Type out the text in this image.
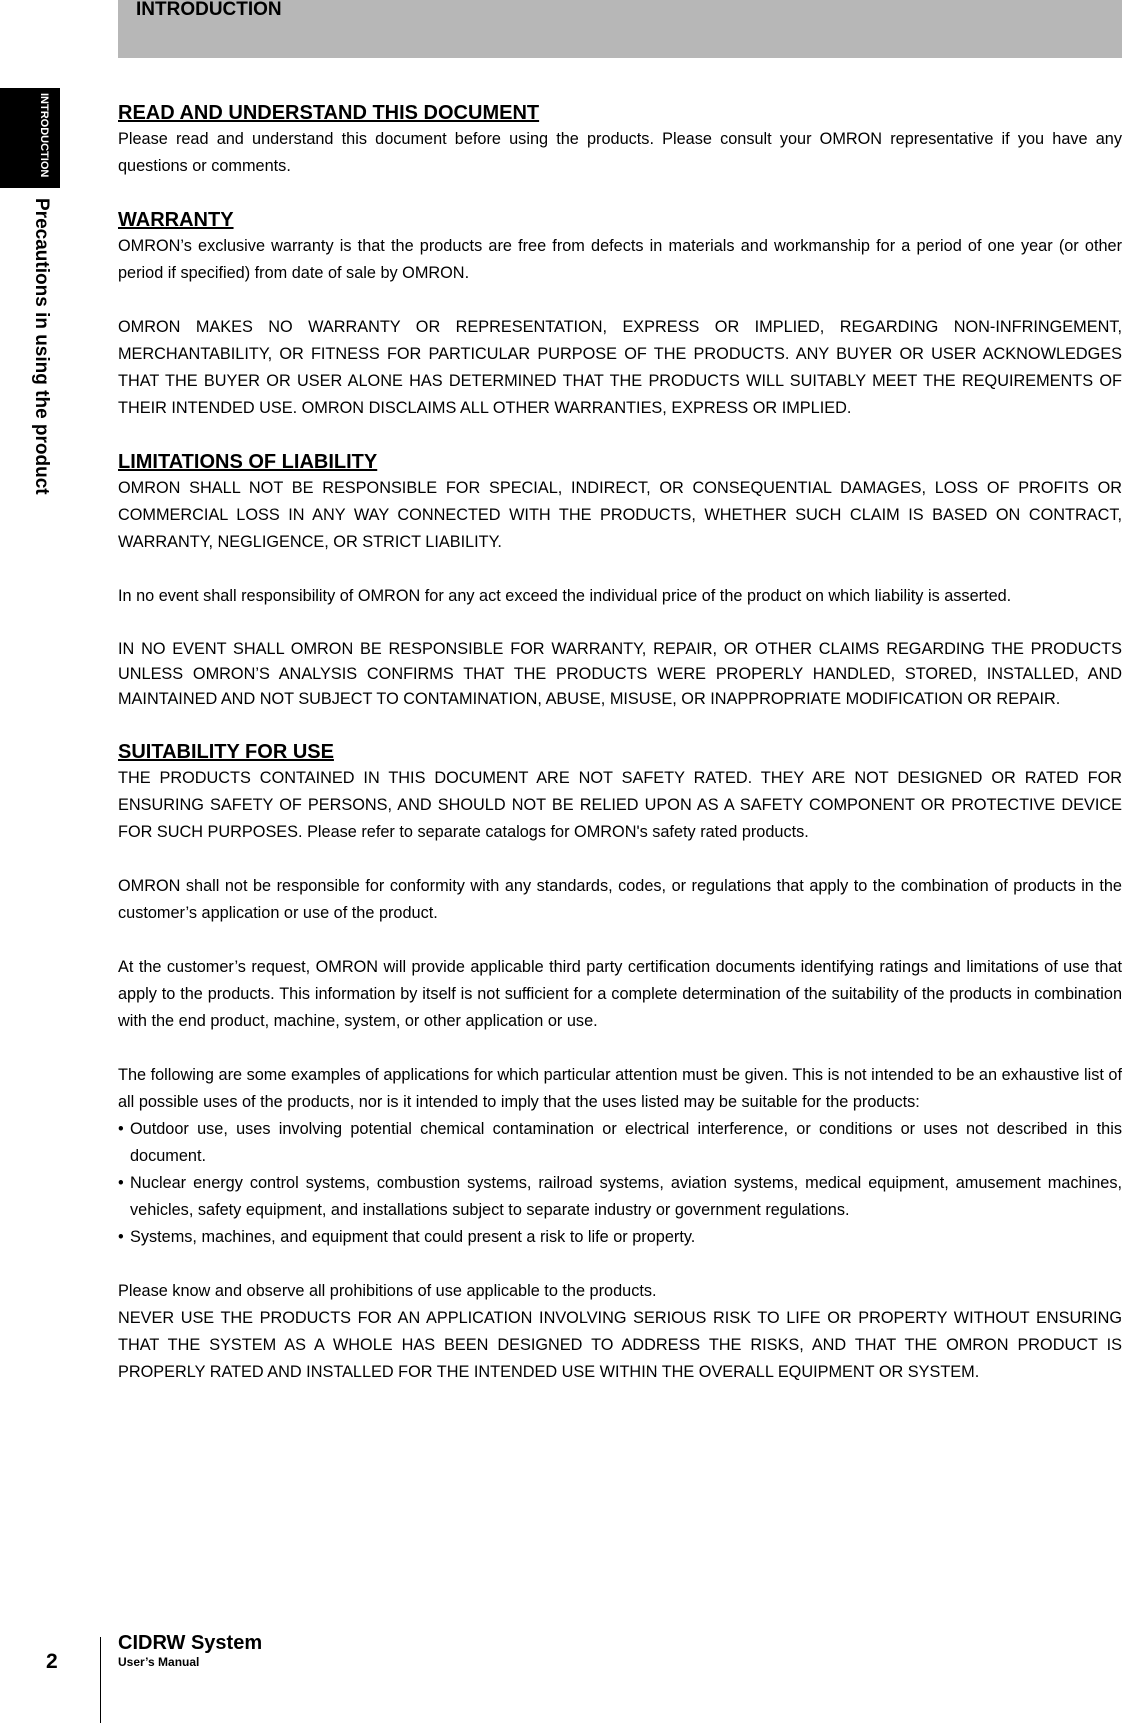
INTRODUCTION
INTRODUCTION
Precautions in using the product
READ AND UNDERSTAND THIS DOCUMENT

Please read and understand this document before using the products. Please consult your OMRON representative if you have any questions or comments.

WARRANTY

OMRON’s exclusive warranty is that the products are free from defects in materials and workmanship for a period of one year (or other period if specified) from date of sale by OMRON.

OMRON MAKES NO WARRANTY OR REPRESENTATION, EXPRESS OR IMPLIED, REGARDING NON-INFRINGEMENT, MERCHANTABILITY, OR FITNESS FOR PARTICULAR PURPOSE OF THE PRODUCTS. ANY BUYER OR USER ACKNOWLEDGES THAT THE BUYER OR USER ALONE HAS DETERMINED THAT THE PRODUCTS WILL SUITABLY MEET THE REQUIREMENTS OF THEIR INTENDED USE. OMRON DISCLAIMS ALL OTHER WARRANTIES, EXPRESS OR IMPLIED.

LIMITATIONS OF LIABILITY

OMRON SHALL NOT BE RESPONSIBLE FOR SPECIAL, INDIRECT, OR CONSEQUENTIAL DAMAGES, LOSS OF PROFITS OR COMMERCIAL LOSS IN ANY WAY CONNECTED WITH THE PRODUCTS, WHETHER SUCH CLAIM IS BASED ON CONTRACT, WARRANTY, NEGLIGENCE, OR STRICT LIABILITY.

In no event shall responsibility of OMRON for any act exceed the individual price of the product on which liability is asserted.

IN NO EVENT SHALL OMRON BE RESPONSIBLE FOR WARRANTY, REPAIR, OR OTHER CLAIMS REGARDING THE PRODUCTS UNLESS OMRON’S ANALYSIS CONFIRMS THAT THE PRODUCTS WERE PROPERLY HANDLED, STORED, INSTALLED, AND MAINTAINED AND NOT SUBJECT TO CONTAMINATION, ABUSE, MISUSE, OR INAPPROPRIATE MODIFICATION OR REPAIR.

SUITABILITY FOR USE

THE PRODUCTS CONTAINED IN THIS DOCUMENT ARE NOT SAFETY RATED. THEY ARE NOT DESIGNED OR RATED FOR ENSURING SAFETY OF PERSONS, AND SHOULD NOT BE RELIED UPON AS A SAFETY COMPONENT OR PROTECTIVE DEVICE FOR SUCH PURPOSES. Please refer to separate catalogs for OMRON's safety rated products.

OMRON shall not be responsible for conformity with any standards, codes, or regulations that apply to the combination of products in the customer’s application or use of the product.

At the customer’s request, OMRON will provide applicable third party certification documents identifying ratings and limitations of use that apply to the products. This information by itself is not sufficient for a complete determination of the suitability of the products in combination with the end product, machine, system, or other application or use.

The following are some examples of applications for which particular attention must be given. This is not intended to be an exhaustive list of all possible uses of the products, nor is it intended to imply that the uses listed may be suitable for the products:

• Outdoor use, uses involving potential chemical contamination or electrical interference, or conditions or uses not described in this document.
• Nuclear energy control systems, combustion systems, railroad systems, aviation systems, medical equipment, amusement machines, vehicles, safety equipment, and installations subject to separate industry or government regulations.
• Systems, machines, and equipment that could present a risk to life or property.

Please know and observe all prohibitions of use applicable to the products.

NEVER USE THE PRODUCTS FOR AN APPLICATION INVOLVING SERIOUS RISK TO LIFE OR PROPERTY WITHOUT ENSURING THAT THE SYSTEM AS A WHOLE HAS BEEN DESIGNED TO ADDRESS THE RISKS, AND THAT THE OMRON PRODUCT IS PROPERLY RATED AND INSTALLED FOR THE INTENDED USE WITHIN THE OVERALL EQUIPMENT OR SYSTEM.

2
CIDRW System
User’s Manual
